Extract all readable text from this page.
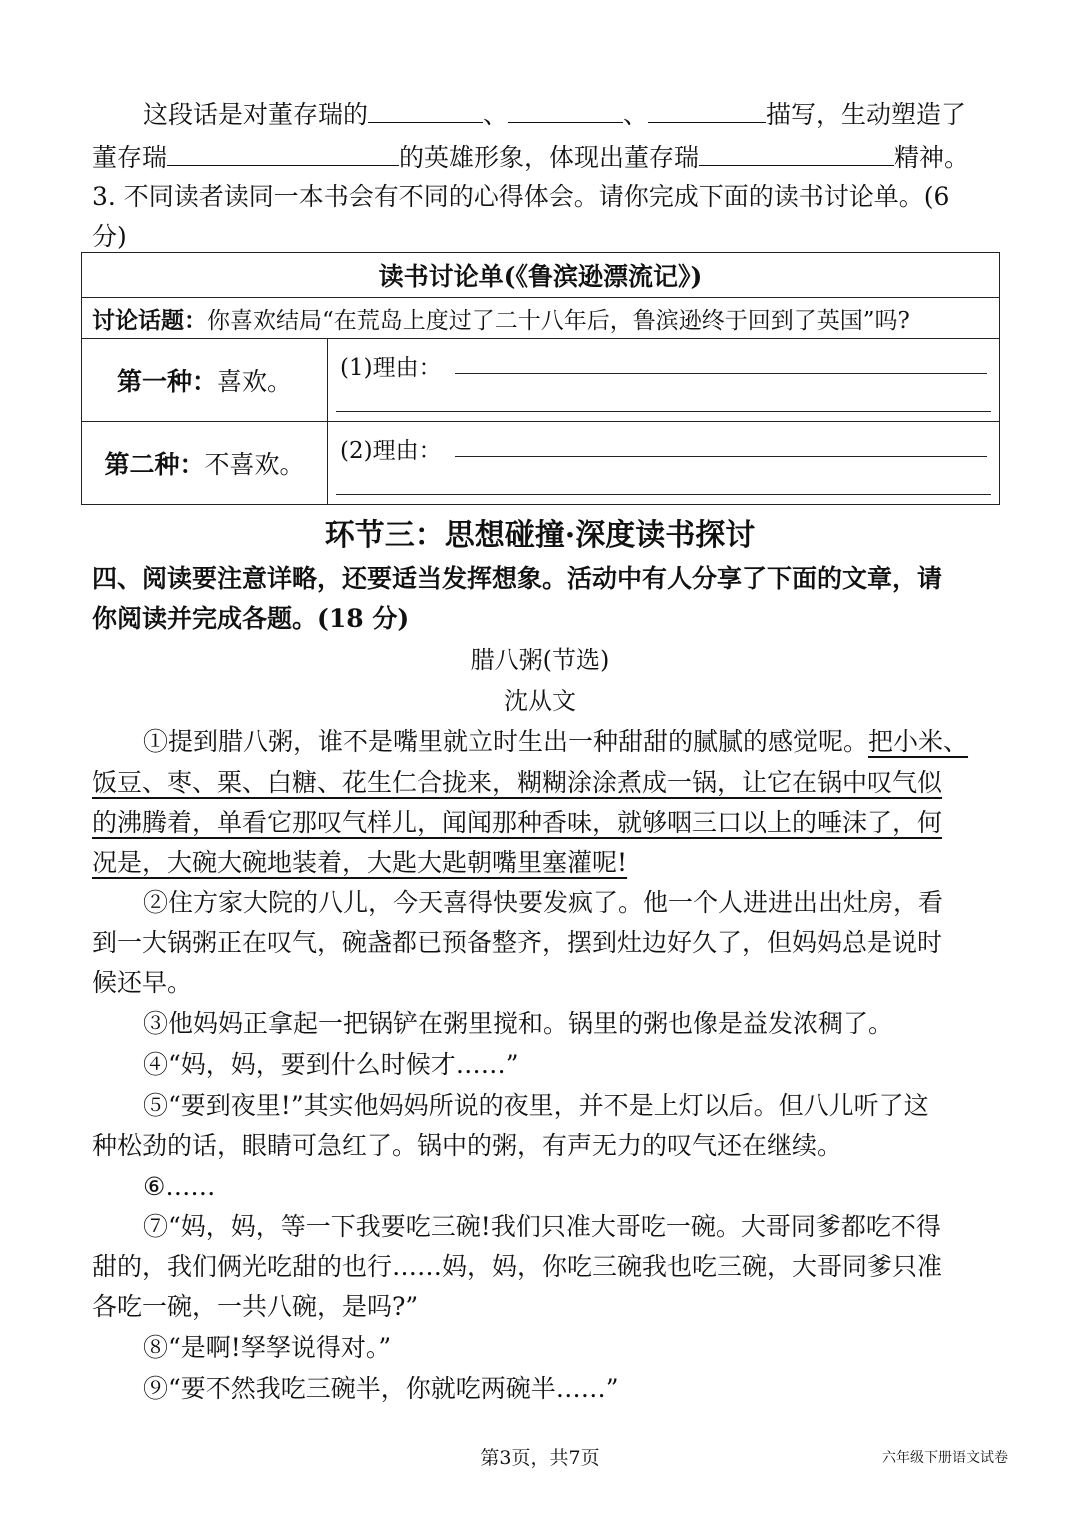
这段话是对董存瑞的	、	、	描写，生动塑造了
董存瑞	的英雄形象，体现出董存瑞	精神。
3. 不同读者读同一本书会有不同的心得体会。请你完成下面的读书讨论单。(6
分)
读书讨论单(《鲁滨逊漂流记》)	
讨论话题：你喜欢结局“在荒岛上度过了二十八年后，鲁滨逊终于回到了英国”吗?	
第一种：喜欢。	(1)理由：

第二种：不喜欢。	(2)理由：
环节三：思想碰撞·深度读书探讨
四、阅读要注意详略，还要适当发挥想象。活动中有人分享了下面的文章，请
你阅读并完成各题。(18 分)
腊八粥(节选)
沈从文
①提到腊八粥，谁不是嘴里就立时生出一种甜甜的腻腻的感觉呢。把小米、
饭豆、枣、栗、白糖、花生仁合拢来，糊糊涂涂煮成一锅，让它在锅中叹气似
的沸腾着，单看它那叹气样儿，闻闻那种香味，就够咽三口以上的唾沫了，何
况是，大碗大碗地装着，大匙大匙朝嘴里塞灌呢!
②住方家大院的八儿，今天喜得快要发疯了。他一个人进进出出灶房，看
到一大锅粥正在叹气，碗盏都已预备整齐，摆到灶边好久了，但妈妈总是说时
候还早。
③他妈妈正拿起一把锅铲在粥里搅和。锅里的粥也像是益发浓稠了。
④“妈，妈，要到什么时候才……”
⑤“要到夜里!”其实他妈妈所说的夜里，并不是上灯以后。但八儿听了这
种松劲的话，眼睛可急红了。锅中的粥，有声无力的叹气还在继续。
⑥……
⑦“妈，妈，等一下我要吃三碗!我们只准大哥吃一碗。大哥同爹都吃不得
甜的，我们俩光吃甜的也行……妈，妈，你吃三碗我也吃三碗，大哥同爹只准
各吃一碗，一共八碗，是吗?”
⑧“是啊!孥孥说得对。”
⑨“要不然我吃三碗半，你就吃两碗半……”
第3页，共7页	六年级下册语文试卷
